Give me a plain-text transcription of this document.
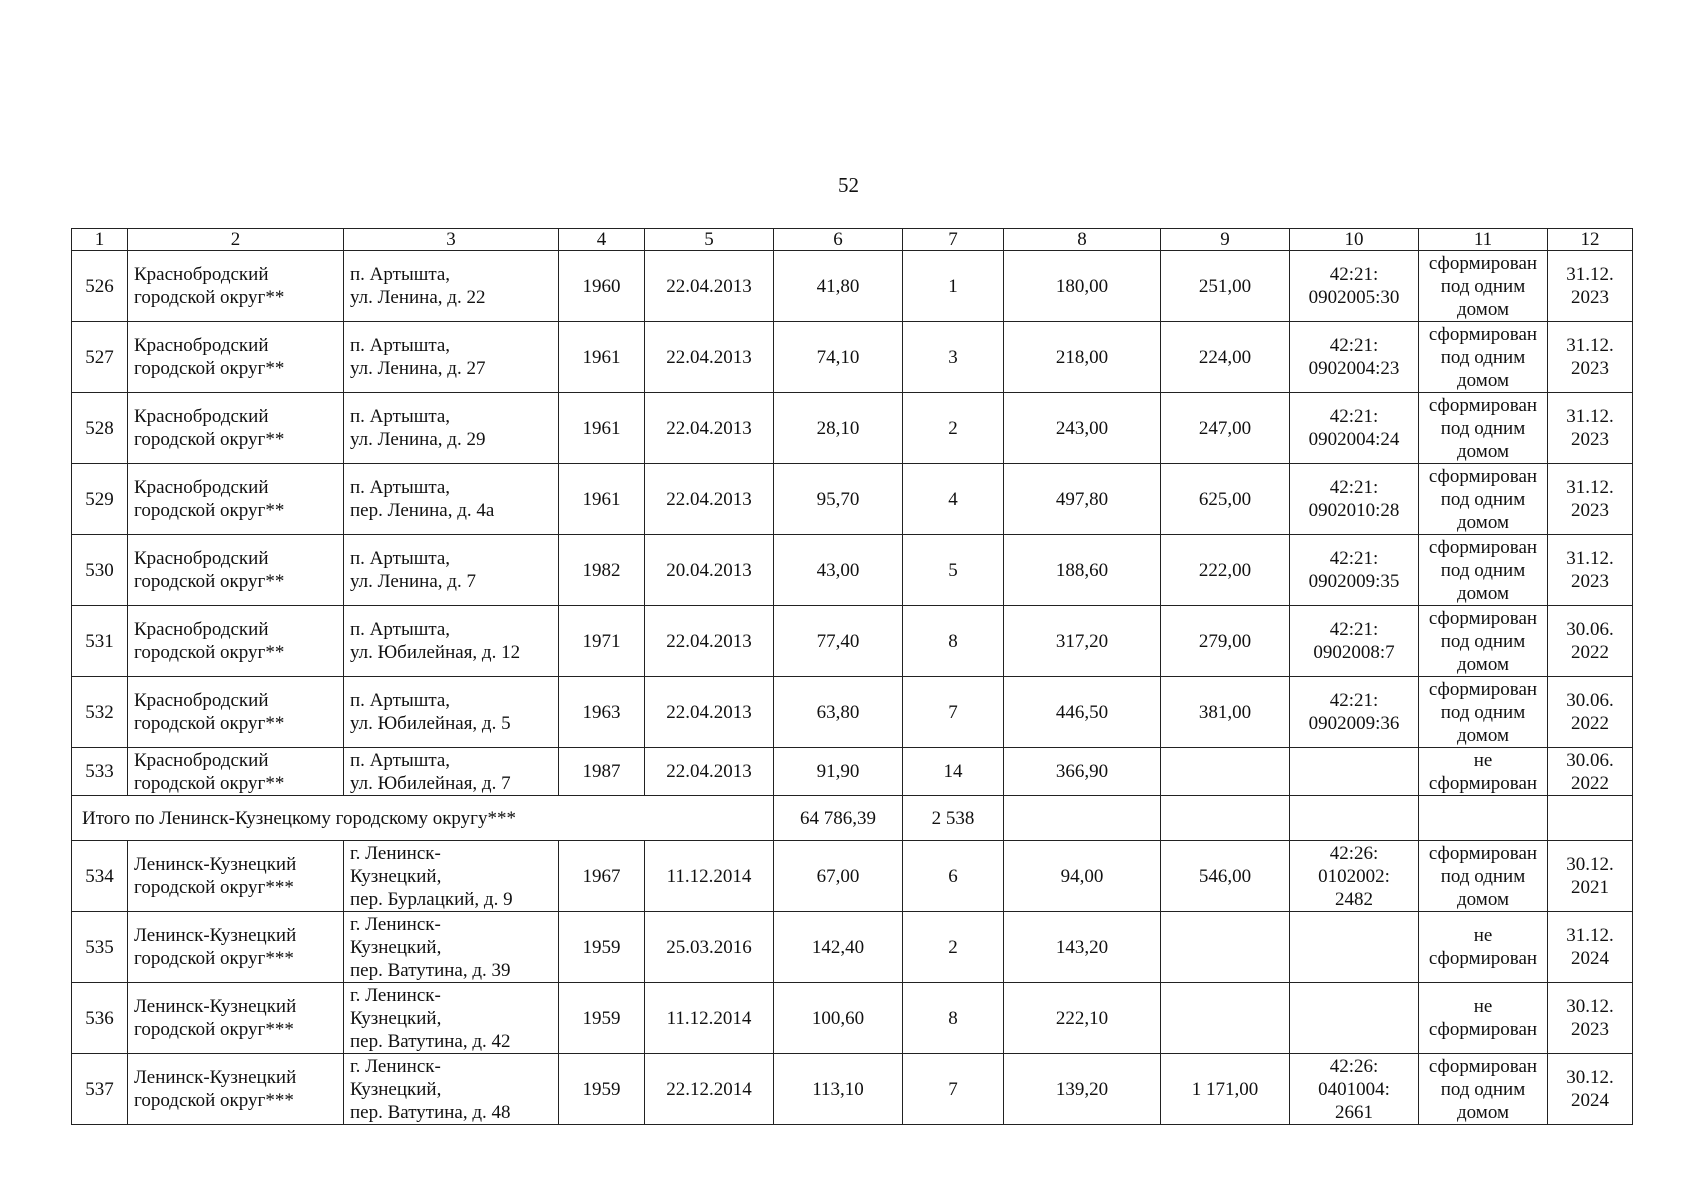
52
1	2	3	4	5	6	7	8	9	10	11	12
526	Краснобродский
городской округ**	п. Артышта,
ул. Ленина, д. 22	1960	22.04.2013	41,80	1	180,00	251,00	42:21:
0902005:30	сформирован
под одним
домом	31.12.
2023
527	Краснобродский
городской округ**	п. Артышта,
ул. Ленина, д. 27	1961	22.04.2013	74,10	3	218,00	224,00	42:21:
0902004:23	сформирован
под одним
домом	31.12.
2023
528	Краснобродский
городской округ**	п. Артышта,
ул. Ленина, д. 29	1961	22.04.2013	28,10	2	243,00	247,00	42:21:
0902004:24	сформирован
под одним
домом	31.12.
2023
529	Краснобродский
городской округ**	п. Артышта,
пер. Ленина, д. 4а	1961	22.04.2013	95,70	4	497,80	625,00	42:21:
0902010:28	сформирован
под одним
домом	31.12.
2023
530	Краснобродский
городской округ**	п. Артышта,
ул. Ленина, д. 7	1982	20.04.2013	43,00	5	188,60	222,00	42:21:
0902009:35	сформирован
под одним
домом	31.12.
2023
531	Краснобродский
городской округ**	п. Артышта,
ул. Юбилейная, д. 12	1971	22.04.2013	77,40	8	317,20	279,00	42:21:
0902008:7	сформирован
под одним
домом	30.06.
2022
532	Краснобродский
городской округ**	п. Артышта,
ул. Юбилейная, д. 5	1963	22.04.2013	63,80	7	446,50	381,00	42:21:
0902009:36	сформирован
под одним
домом	30.06.
2022
533	Краснобродский
городской округ**	п. Артышта,
ул. Юбилейная, д. 7	1987	22.04.2013	91,90	14	366,90			не
сформирован	30.06.
2022
Итого по Ленинск-Кузнецкому городскому округу***					64 786,39	2 538					
534	Ленинск-Кузнецкий
городской округ***	г. Ленинск-
Кузнецкий,
пер. Бурлацкий, д. 9	1967	11.12.2014	67,00	6	94,00	546,00	42:26:
0102002:
2482	сформирован
под одним
домом	30.12.
2021
535	Ленинск-Кузнецкий
городской округ***	г. Ленинск-
Кузнецкий,
пер. Ватутина, д. 39	1959	25.03.2016	142,40	2	143,20			не
сформирован	31.12.
2024
536	Ленинск-Кузнецкий
городской округ***	г. Ленинск-
Кузнецкий,
пер. Ватутина, д. 42	1959	11.12.2014	100,60	8	222,10			не
сформирован	30.12.
2023
537	Ленинск-Кузнецкий
городской округ***	г. Ленинск-
Кузнецкий,
пер. Ватутина, д. 48	1959	22.12.2014	113,10	7	139,20	1 171,00	42:26:
0401004:
2661	сформирован
под одним
домом	30.12.
2024
